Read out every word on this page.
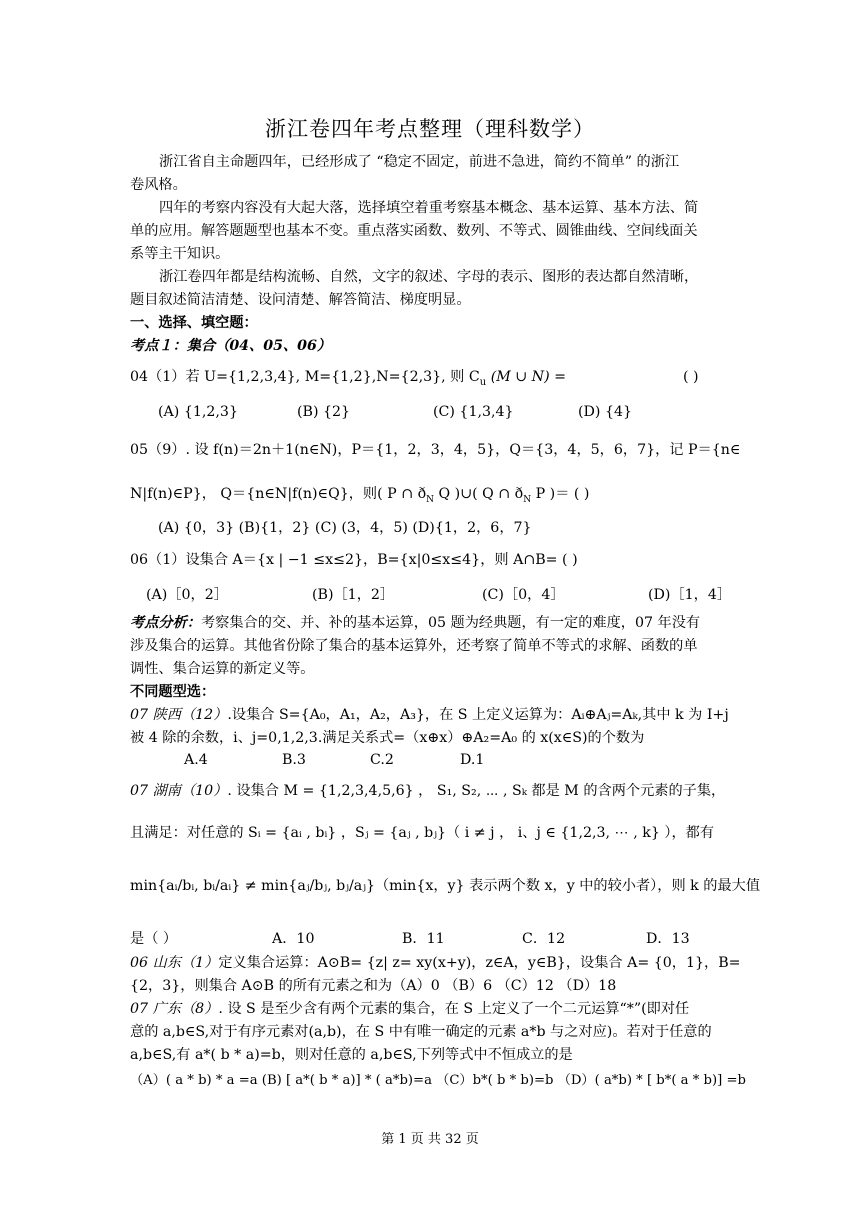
浙江卷四年考点整理（理科数学）
浙江省自主命题四年，已经形成了 “稳定不固定，前进不急进，简约不简单” 的浙江
卷风格。
四年的考察内容没有大起大落，选择填空着重考察基本概念、基本运算、基本方法、简
单的应用。解答题题型也基本不变。重点落实函数、数列、不等式、圆锥曲线、空间线面关
系等主干知识。
浙江卷四年都是结构流畅、自然，文字的叙述、字母的表示、图形的表达都自然清晰，
题目叙述简洁清楚、设问清楚、解答简洁、梯度明显。
一、选择、填空题：
考点１：集合（04、05、06）
04（1）若 U={1,2,3,4}, M={1,2},N={2,3}, 则 $C_u$ (M ∪ N) =	( )
(A) {1,2,3}	(B) {2}	(C) {1,3,4}	(D) {4}
05（9）. 设 f(n)＝2n＋1(n∈N)，P＝{1，2，3，4，5}，Q＝{3，4，5，6，7}，记 P＝{n∈
N|f(n)∈P}， Q＝{n∈N|f(n)∈Q}，则( P ∩ $ð_N$ Q )∪( Q ∩ $ð_N$ P )＝ ( )
(A) {0，3} (B){1，2} (C) (3，4，5) (D){1，2，6，7}
06（1）设集合 A＝{x | −1 ≤x≤2}，B={x|0≤x≤4}，则 A∩B= ( )
(A)［0，2］	(B)［1，2］	(C)［0，4］	(D)［1，4］
考点分析：考察集合的交、并、补的基本运算，05 题为经典题，有一定的难度，07 年没有
涉及集合的运算。其他省份除了集合的基本运算外，还考察了简单不等式的求解、函数的单
调性、集合运算的新定义等。
不同题型选：
07 陕西（12）.设集合 S={A₀，A₁，A₂，A₃}，在 S 上定义运算为：Aᵢ⊕Aⱼ=Aₖ,其中 k 为 I+j
被 4 除的余数，i、j=0,1,2,3.满足关系式=（x⊕x）⊕A₂=A₀ 的 x(x∈S)的个数为
A.4	B.3	C.2	D.1
07 湖南（10）. 设集合 M = {1,2,3,4,5,6} ， S₁, S₂, ⋯ , Sₖ 都是 M 的含两个元素的子集，
且满足：对任意的 Sᵢ = {aᵢ , bᵢ} ，Sⱼ = {aⱼ , bⱼ}（ i ≠ j ， i、j ∈ {1,2,3, ⋯ , k} ），都有
min{aᵢ/bᵢ, bᵢ/aᵢ} ≠ min{aⱼ/bⱼ, bⱼ/aⱼ}（min{x，y} 表示两个数 x，y 中的较小者），则 k 的最大值
是（ ）	A．10	B．11	C．12	D．13
06 山东（1）定义集合运算：A⊙B= {z| z= xy(x+y)，z∈A，y∈B}，设集合 A= {0，1}，B=
{2，3}，则集合 A⊙B 的所有元素之和为（A）0 （B）6 （C）12 （D）18
07 广东（8）. 设 S 是至少含有两个元素的集合，在 S 上定义了一个二元运算“*”(即对任
意的 a,b∈S,对于有序元素对(a,b)，在 S 中有唯一确定的元素 a*b 与之对应)。若对于任意的
a,b∈S,有 a*( b * a)=b，则对任意的 a,b∈S,下列等式中不恒成立的是
（A）( a * b) * a =a (B) [ a*( b * a)] * ( a*b)=a （C）b*( b * b)=b （D）( a*b) * [ b*( a * b)] =b
第 1 页 共 32 页
